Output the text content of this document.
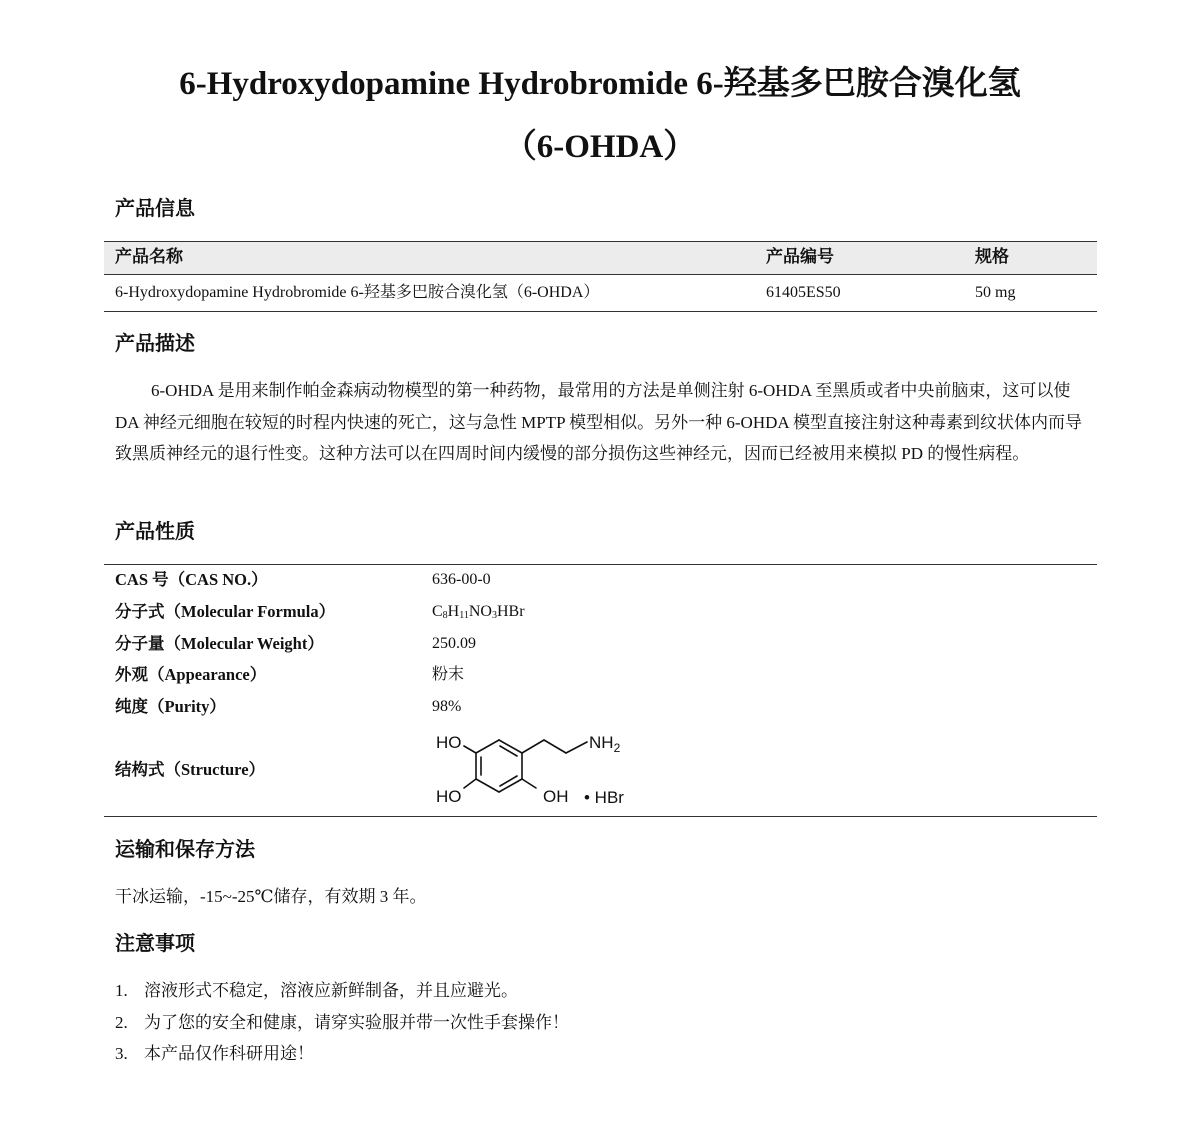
6-Hydroxydopamine Hydrobromide 6-羟基多巴胺合溴化氢
（6-OHDA）
产品信息
产品名称	产品编号	规格
6-Hydroxydopamine Hydrobromide 6-羟基多巴胺合溴化氢（6-OHDA）	61405ES50	50 mg
产品描述

6-OHDA 是用来制作帕金森病动物模型的第一种药物，最常用的方法是单侧注射 6-OHDA 至黑质或者中央前脑束，这可以使 DA 神经元细胞在较短的时程内快速的死亡，这与急性 MPTP 模型相似。另外一种 6-OHDA 模型直接注射这种毒素到纹状体内而导致黑质神经元的退行性变。这种方法可以在四周时间内缓慢的部分损伤这些神经元，因而已经被用来模拟 PD 的慢性病程。

产品性质
CAS 号（CAS NO.）	636-00-0
分子式（Molecular Formula）	$C_8H_{11}NO_3HBr$
分子量（Molecular Weight）	250.09
外观（Appearance）	粉末
纯度（Purity）	98%
结构式（Structure）
HO	$NH_2$
HO	OH • HBr
运输和保存方法

干冰运输，-15~-25℃储存，有效期 3 年。

注意事项
1. 溶液形式不稳定，溶液应新鲜制备，并且应避光。
2. 为了您的安全和健康，请穿实验服并带一次性手套操作！
3. 本产品仅作科研用途！
